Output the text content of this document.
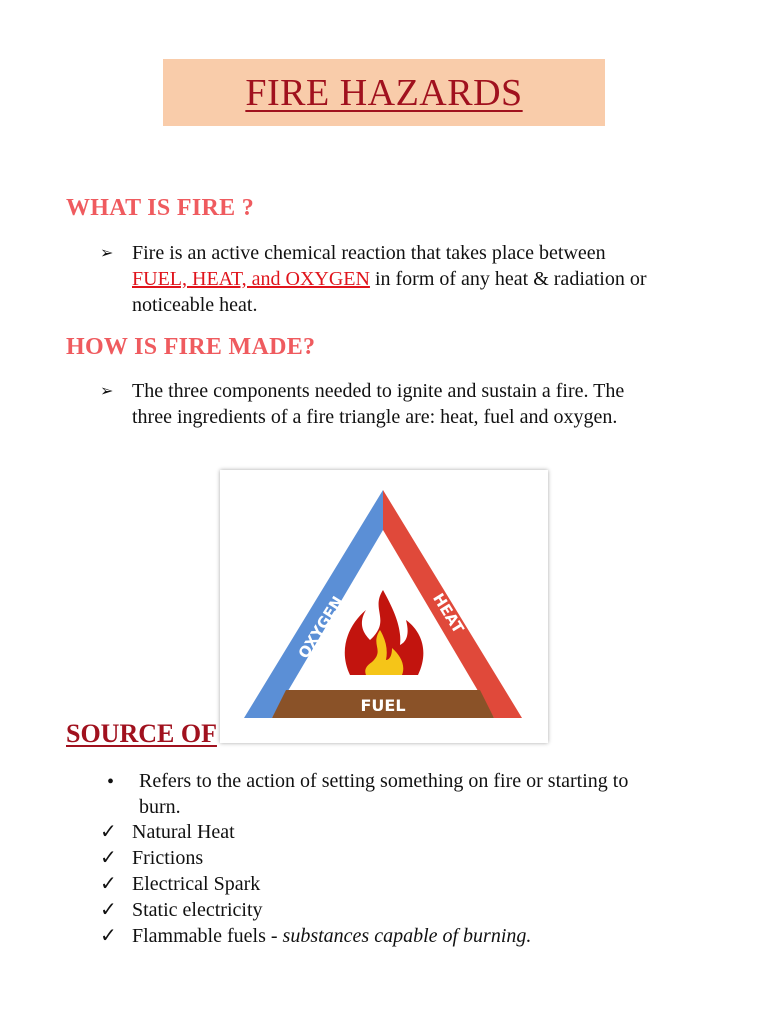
FIRE HAZARDS
WHAT IS FIRE ?
➢ Fire is an active chemical reaction that takes place between
FUEL, HEAT, and OXYGEN in form of any heat & radiation or
noticeable heat.
HOW IS FIRE MADE?
➢ The three components needed to ignite and sustain a fire. The
three ingredients of a fire triangle are: heat, fuel and oxygen.
OXYGEN	HEAT
FUEL
SOURCE OF
• Refers to the action of setting something on fire or starting to
burn.
✓ Natural Heat
✓ Frictions
✓ Electrical Spark
✓ Static electricity
✓ Flammable fuels - substances capable of burning.
